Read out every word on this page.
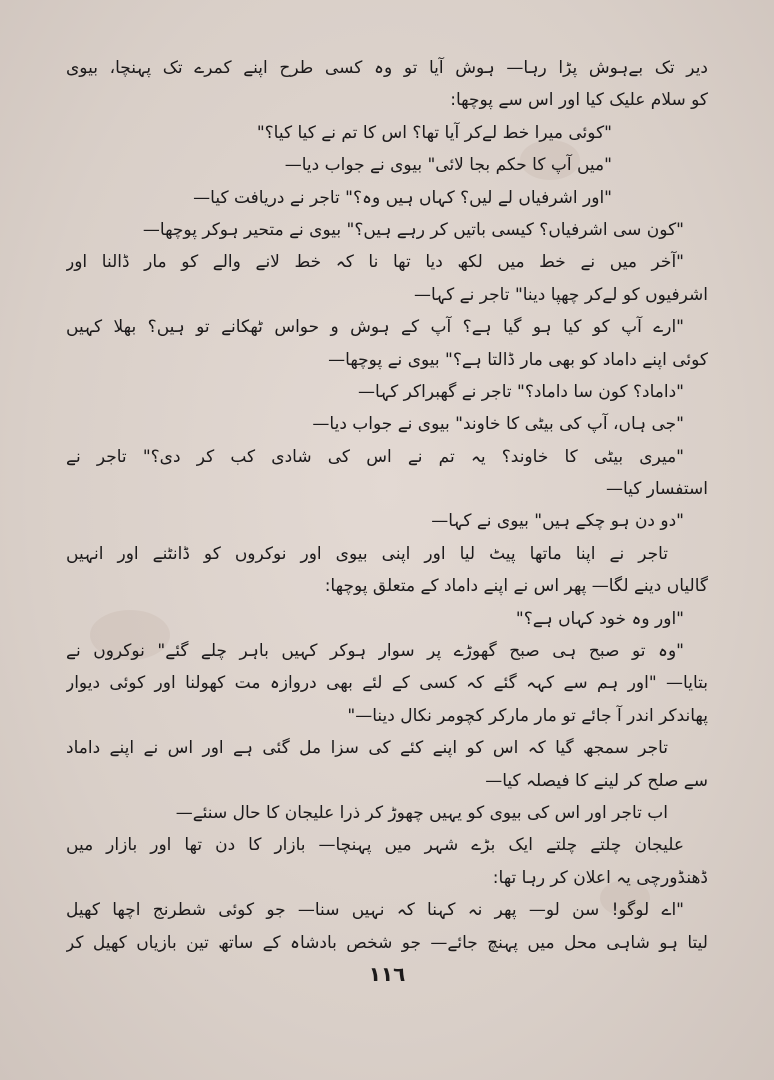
دیر تک بےہوش پڑا رہا— ہوش آیا تو وہ کسی طرح اپنے کمرے تک پہنچا، بیوی
کو سلام علیک کیا اور اس سے پوچھا:
"کوئی میرا خط لےکر آیا تھا؟ اس کا تم نے کیا کیا؟"
"میں آپ کا حکم بجا لائی" بیوی نے جواب دیا—
"اور اشرفیاں لے لیں؟ کہاں ہیں وہ؟" تاجر نے دریافت کیا—
"کون سی اشرفیاں؟ کیسی باتیں کر رہے ہیں؟" بیوی نے متحیر ہوکر پوچھا—
"آخر میں نے خط میں لکھ دیا تھا نا کہ خط لانے والے کو مار ڈالنا اور
اشرفیوں کو لےکر چھپا دینا" تاجر نے کہا—
"ارے آپ کو کیا ہو گیا ہے؟ آپ کے ہوش و حواس ٹھکانے تو ہیں؟ بھلا کہیں
کوئی اپنے داماد کو بھی مار ڈالتا ہے؟" بیوی نے پوچھا—
"داماد؟ کون سا داماد؟" تاجر نے گھبراکر کہا—
"جی ہاں، آپ کی بیٹی کا خاوند" بیوی نے جواب دیا—
"میری بیٹی کا خاوند؟ یہ تم نے اس کی شادی کب کر دی؟" تاجر نے
استفسار کیا—
"دو دن ہو چکے ہیں" بیوی نے کہا—
تاجر نے اپنا ماتھا پیٹ لیا اور اپنی بیوی اور نوکروں کو ڈانٹنے اور انہیں
گالیاں دینے لگا— پھر اس نے اپنے داماد کے متعلق پوچھا:
"اور وہ خود کہاں ہے؟"
"وہ تو صبح ہی صبح گھوڑے پر سوار ہوکر کہیں باہر چلے گئے" نوکروں نے
بتایا— "اور ہم سے کہہ گئے کہ کسی کے لئے بھی دروازہ مت کھولنا اور کوئی دیوار
پھاندکر اندر آ جائے تو مار مارکر کچومر نکال دینا—"
تاجر سمجھ گیا کہ اس کو اپنے کئے کی سزا مل گئی ہے اور اس نے اپنے داماد
سے صلح کر لینے کا فیصلہ کیا—
اب تاجر اور اس کی بیوی کو یہیں چھوڑ کر ذرا علیجان کا حال سنئے—
علیجان چلتے چلتے ایک بڑے شہر میں پہنچا— بازار کا دن تھا اور بازار میں
ڈھنڈورچی یہ اعلان کر رہا تھا:
"اے لوگو! سن لو— پھر نہ کہنا کہ نہیں سنا— جو کوئی شطرنج اچھا کھیل
لیتا ہو شاہی محل میں پہنچ جائے— جو شخص بادشاہ کے ساتھ تین بازیاں کھیل کر
۱۱٦
